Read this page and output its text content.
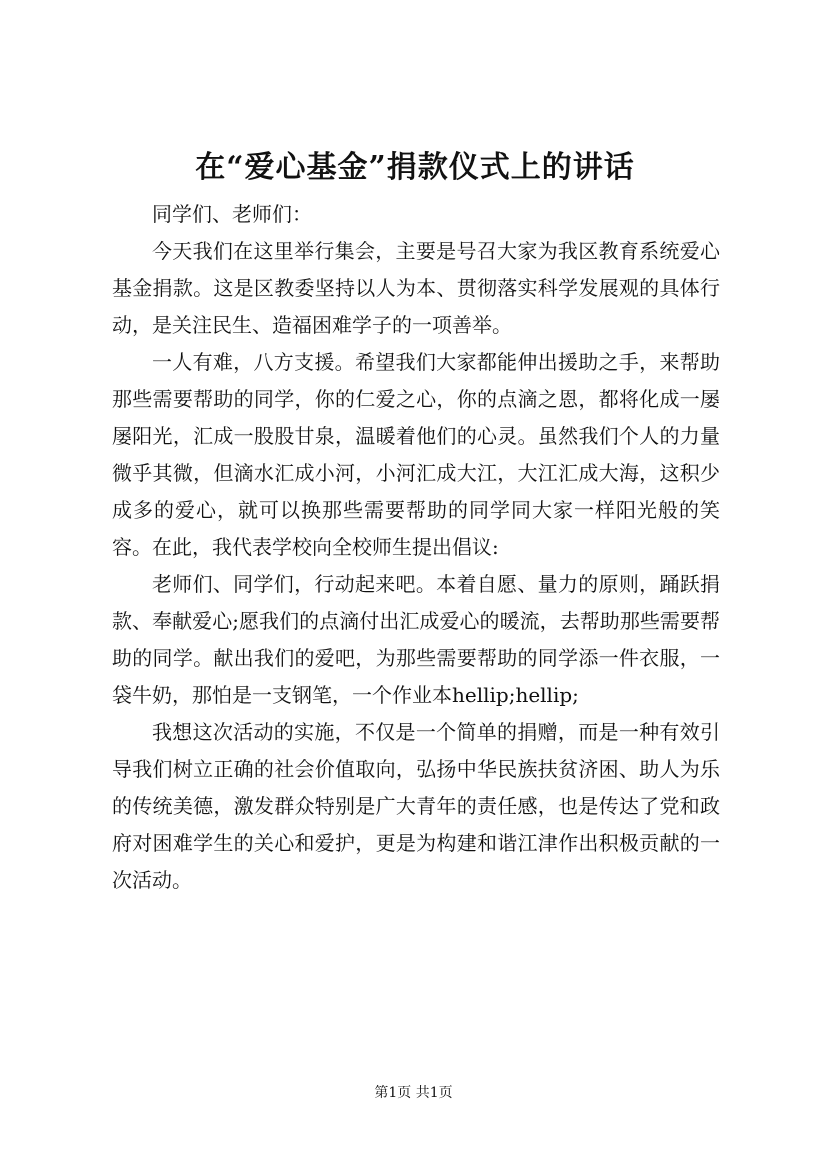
在“爱心基金”捐款仪式上的讲话

同学们、老师们：

今天我们在这里举行集会，主要是号召大家为我区教育系统爱心基金捐款。这是区教委坚持以人为本、贯彻落实科学发展观的具体行动，是关注民生、造福困难学子的一项善举。

一人有难，八方支援。希望我们大家都能伸出援助之手，来帮助那些需要帮助的同学，你的仁爱之心，你的点滴之恩，都将化成一屡屡阳光，汇成一股股甘泉，温暖着他们的心灵。虽然我们个人的力量微乎其微，但滴水汇成小河，小河汇成大江，大江汇成大海，这积少成多的爱心，就可以换那些需要帮助的同学同大家一样阳光般的笑容。在此，我代表学校向全校师生提出倡议:

老师们、同学们，行动起来吧。本着自愿、量力的原则，踊跃捐款、奉献爱心;愿我们的点滴付出汇成爱心的暖流，去帮助那些需要帮助的同学。献出我们的爱吧，为那些需要帮助的同学添一件衣服，一袋牛奶，那怕是一支钢笔，一个作业本hellip;hellip;

我想这次活动的实施，不仅是一个简单的捐赠，而是一种有效引导我们树立正确的社会价值取向，弘扬中华民族扶贫济困、助人为乐的传统美德，激发群众特别是广大青年的责任感，也是传达了党和政府对困难学生的关心和爱护，更是为构建和谐江津作出积极贡献的一次活动。

第1页 共1页
